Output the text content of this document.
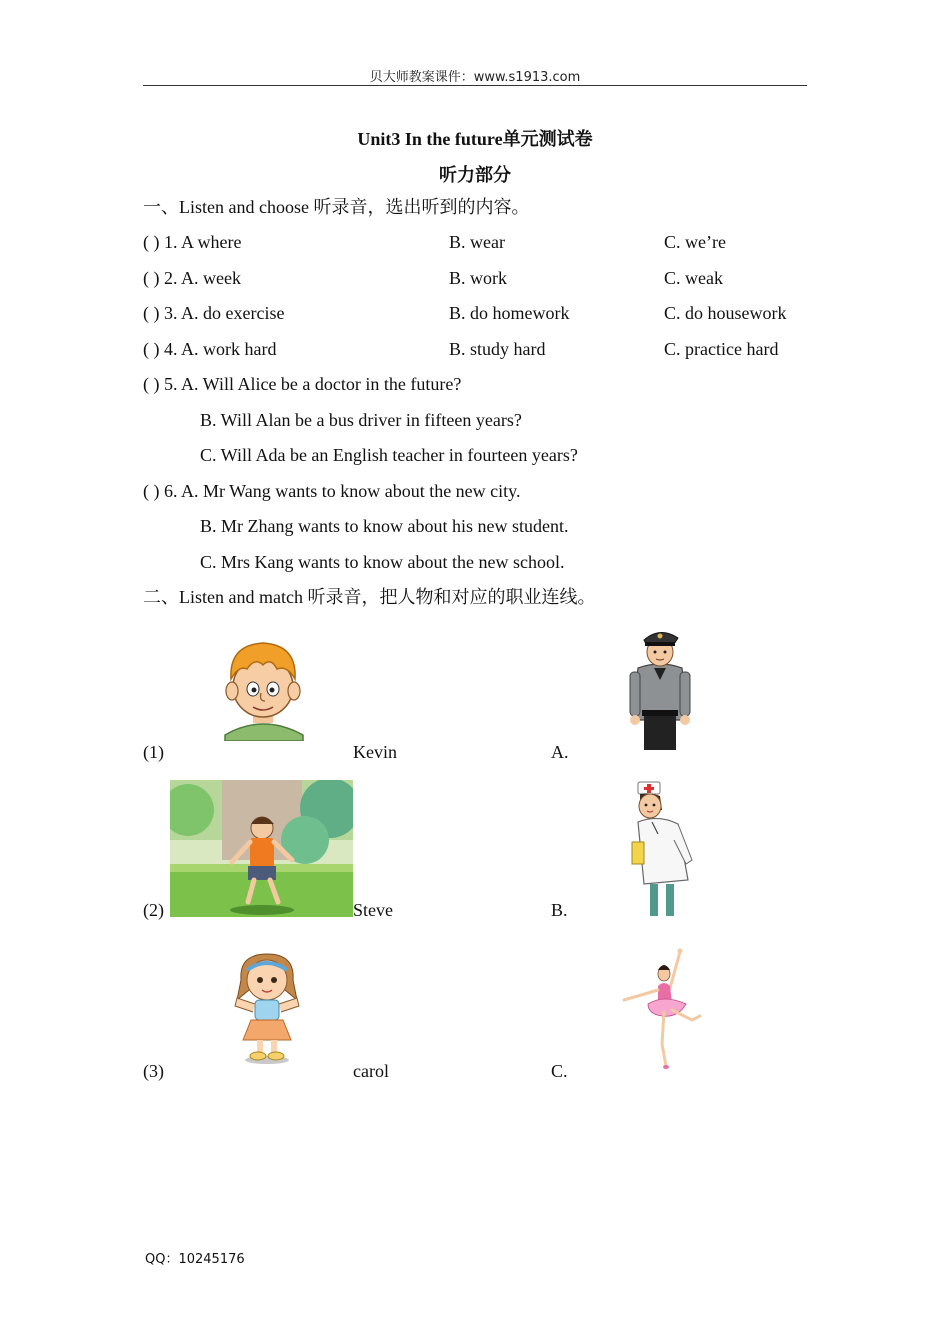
贝大师教案课件：www.s1913.com
Unit3 In the future单元测试卷
听力部分
一、Listen and choose 听录音，选出听到的内容。
( ) 1. A where	B. wear	C. we’re
( ) 2. A. week	B. work	C. weak
( ) 3. A. do exercise	B. do homework	C. do housework
( ) 4. A. work hard	B. study hard	C. practice hard
( ) 5. A. Will Alice be a doctor in the future?
B. Will Alan be a bus driver in fifteen years?
C. Will Ada be an English teacher in fourteen years?
( ) 6. A. Mr Wang wants to know about the new city.
B. Mr Zhang wants to know about his new student.
C. Mrs Kang wants to know about the new school.
二、Listen and match 听录音，把人物和对应的职业连线。
(1)	Kevin	A.
(2)	Steve	B.
(3)	carol	C.
QQ：10245176
